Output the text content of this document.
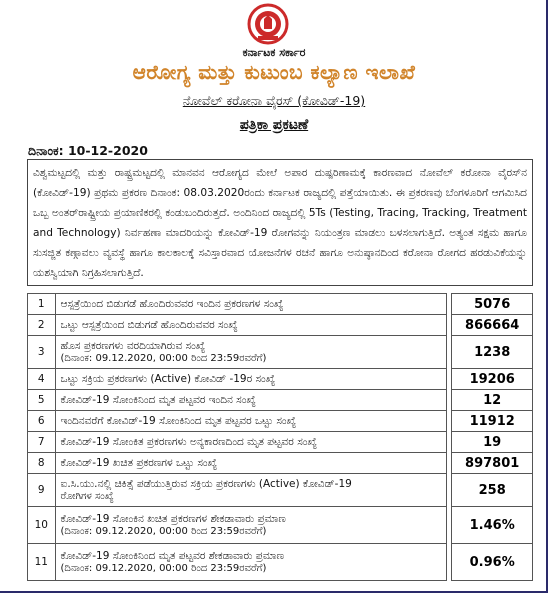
ಕರ್ನಾಟಕ ಸರ್ಕಾರ
ಆರೋಗ್ಯ ಮತ್ತು ಕುಟುಂಬ ಕಲ್ಯಾಣ ಇಲಾಖೆ
ನೋವೆಲ್ ಕರೋನಾ ವೈರಸ್ (ಕೋವಿಡ್-19)
ಪತ್ರಿಕಾ ಪ್ರಕಟಣೆ
ದಿನಾಂಕ: 10-12-2020
ವಿಶ್ವಮಟ್ಟದಲ್ಲಿ ಮತ್ತು ರಾಷ್ಟ್ರಮಟ್ಟದಲ್ಲಿ ಮಾನವನ ಆರೋಗ್ಯದ ಮೇಲೆ ಅಪಾರ ದುಷ್ಪರಿಣಾಮಕ್ಕೆ ಕಾರಣವಾದ ನೋವೆಲ್ ಕರೋನಾ ವೈರಸ್‌ನ (ಕೋವಿಡ್-19) ಪ್ರಥಮ ಪ್ರಕರಣ ದಿನಾಂಕ: 08.03.2020ರಂದು ಕರ್ನಾಟಕ ರಾಜ್ಯದಲ್ಲಿ ಪತ್ತೆಯಾಯಿತು. ಈ ಪ್ರಕರಣವು ಬೆಂಗಳೂರಿಗೆ ಆಗಮಿಸಿದ ಒಬ್ಬ ಅಂತರ್‌ರಾಷ್ಟ್ರೀಯ ಪ್ರಯಾಣಿಕರಲ್ಲಿ ಕಂಡುಬಂದಿರುತ್ತದೆ. ಅಂದಿನಿಂದ ರಾಜ್ಯದಲ್ಲಿ 5Ts (Testing, Tracing, Tracking, Treatment and Technology) ನಿರ್ವಹಣಾ ಮಾದರಿಯನ್ನು ಕೋವಿಡ್-19 ರೋಗವನ್ನು ನಿಯಂತ್ರಣ ಮಾಡಲು ಬಳಸಲಾಗುತ್ತಿದೆ. ಅತ್ಯಂತ ಸಕ್ಷಮ ಹಾಗೂ ಸುಸಜ್ಜಿತ ಕಣ್ಗಾವಲು ವ್ಯವಸ್ಥೆ ಹಾಗೂ ಕಾಲಕಾಲಕ್ಕೆ ಸವಿಸ್ತಾರವಾದ ಯೋಜನೆಗಳ ರಚನೆ ಹಾಗೂ ಅನುಷ್ಠಾನದಿಂದ ಕರೋನಾ ರೋಗದ ಹರಡುವಿಕೆಯನ್ನು ಯಶಸ್ವಿಯಾಗಿ ನಿಗ್ರಹಿಸಲಾಗುತ್ತಿದೆ.
1	ಆಸ್ಪತ್ರೆಯಿಂದ ಬಿಡುಗಡೆ ಹೊಂದಿರುವವರ ಇಂದಿನ ಪ್ರಕರಣಗಳ ಸಂಖ್ಯೆ		5076
2	ಒಟ್ಟು ಆಸ್ಪತ್ರೆಯಿಂದ ಬಿಡುಗಡೆ ಹೊಂದಿರುವವರ ಸಂಖ್ಯೆ		866664
3	ಹೊಸ ಪ್ರಕರಣಗಳು ವರದಿಯಾಗಿರುವ ಸಂಖ್ಯೆ
(ದಿನಾಂಕ: 09.12.2020, 00:00 ರಿಂದ 23:59ರವರೆಗೆ)		1238
4	ಒಟ್ಟು ಸಕ್ರಿಯ ಪ್ರಕರಣಗಳು (Active) ಕೋವಿಡ್ -19ರ ಸಂಖ್ಯೆ		19206
5	ಕೋವಿಡ್-19 ಸೋಂಕಿನಿಂದ ಮೃತ ಪಟ್ಟವರ ಇಂದಿನ ಸಂಖ್ಯೆ		12
6	ಇಂದಿನವರೆಗೆ ಕೋವಿಡ್-19 ಸೋಂಕಿನಿಂದ ಮೃತ ಪಟ್ಟವರ ಒಟ್ಟು ಸಂಖ್ಯೆ		11912
7	ಕೋವಿಡ್-19 ಸೋಂಕಿತ ಪ್ರಕರಣಗಳು ಅನ್ಯಕಾರಣದಿಂದ ಮೃತ ಪಟ್ಟವರ ಸಂಖ್ಯೆ		19
8	ಕೋವಿಡ್-19 ಖಚಿತ ಪ್ರಕರಣಗಳ ಒಟ್ಟು ಸಂಖ್ಯೆ		897801
9	ಐ.ಸಿ.ಯು.ನಲ್ಲಿ ಚಿಕಿತ್ಸೆ ಪಡೆಯುತ್ತಿರುವ ಸಕ್ರಿಯ ಪ್ರಕರಣಗಳು (Active) ಕೋವಿಡ್-19
ರೋಗಿಗಳ ಸಂಖ್ಯೆ		258
10	ಕೋವಿಡ್-19 ಸೋಂಕಿನ ಖಚಿತ ಪ್ರಕರಣಗಳ ಶೇಕಡಾವಾರು ಪ್ರಮಾಣ
(ದಿನಾಂಕ: 09.12.2020, 00:00 ರಿಂದ 23:59ರವರೆಗೆ)		1.46%
11	ಕೋವಿಡ್-19 ಸೋಂಕಿನಿಂದ ಮೃತ ಪಟ್ಟವರ ಶೇಕಡಾವಾರು ಪ್ರಮಾಣ
(ದಿನಾಂಕ: 09.12.2020, 00:00 ರಿಂದ 23:59ರವರೆಗೆ)		0.96%
